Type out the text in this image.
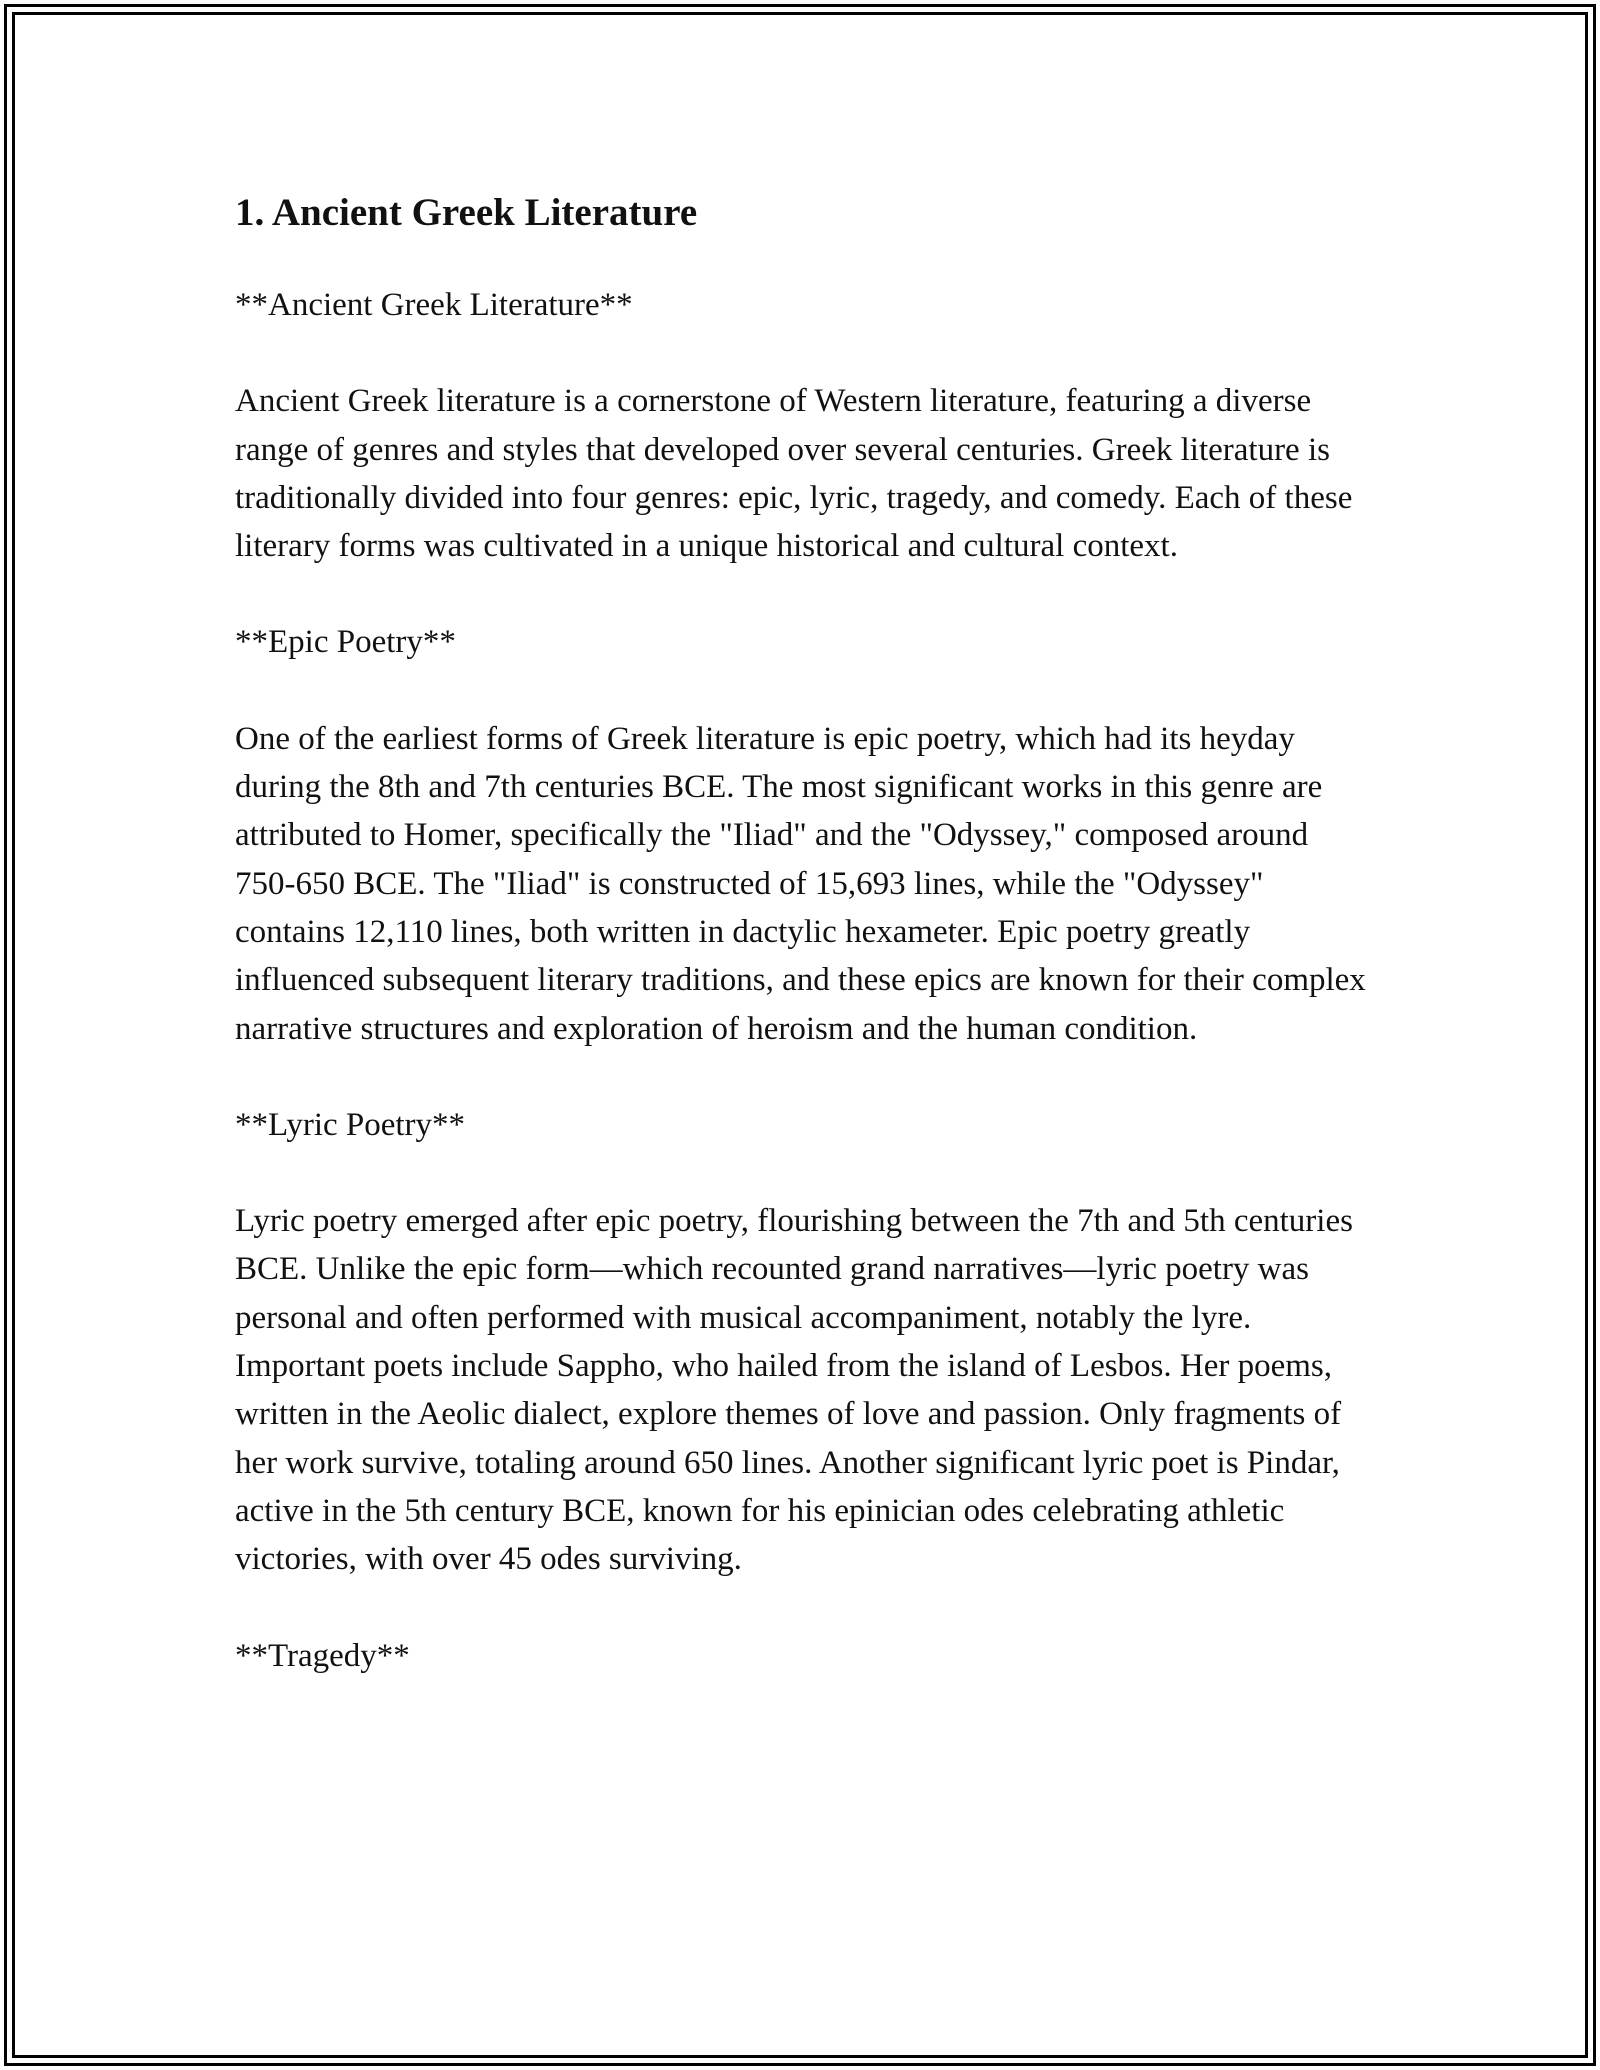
1. Ancient Greek Literature

**Ancient Greek Literature**

Ancient Greek literature is a cornerstone of Western literature, featuring a diverse range of genres and styles that developed over several centuries. Greek literature is traditionally divided into four genres: epic, lyric, tragedy, and comedy. Each of these literary forms was cultivated in a unique historical and cultural context.

**Epic Poetry**

One of the earliest forms of Greek literature is epic poetry, which had its heyday during the 8th and 7th centuries BCE. The most significant works in this genre are attributed to Homer, specifically the "Iliad" and the "Odyssey," composed around 750-650 BCE. The "Iliad" is constructed of 15,693 lines, while the "Odyssey" contains 12,110 lines, both written in dactylic hexameter. Epic poetry greatly influenced subsequent literary traditions, and these epics are known for their complex narrative structures and exploration of heroism and the human condition.

**Lyric Poetry**

Lyric poetry emerged after epic poetry, flourishing between the 7th and 5th centuries BCE. Unlike the epic form—which recounted grand narratives—lyric poetry was personal and often performed with musical accompaniment, notably the lyre. Important poets include Sappho, who hailed from the island of Lesbos. Her poems, written in the Aeolic dialect, explore themes of love and passion. Only fragments of her work survive, totaling around 650 lines. Another significant lyric poet is Pindar, active in the 5th century BCE, known for his epinician odes celebrating athletic victories, with over 45 odes surviving.

**Tragedy**
